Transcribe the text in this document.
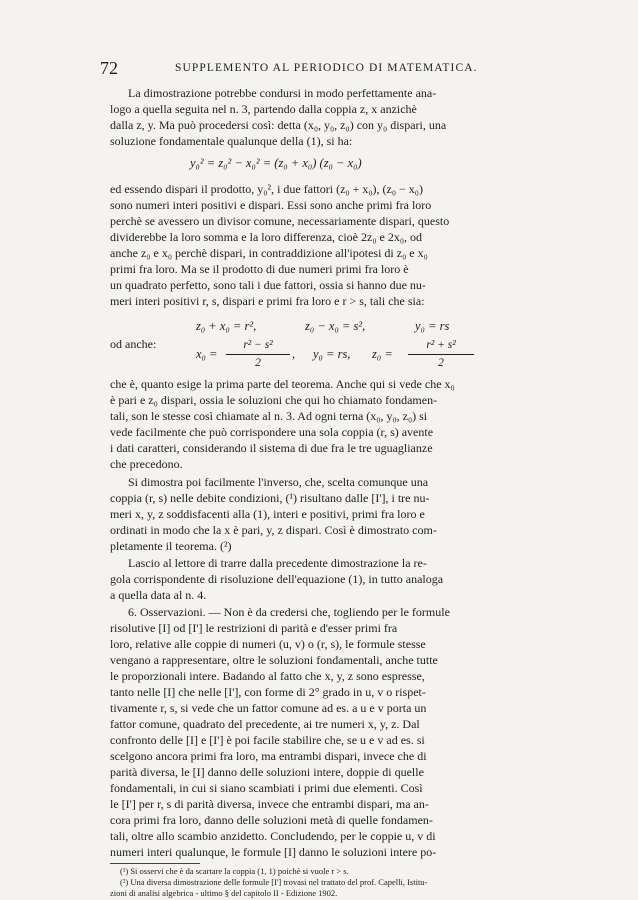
72	SUPPLEMENTO AL PERIODICO DI MATEMATICA.
La dimostrazione potrebbe condursi in modo perfettamente ana-
logo a quella seguita nel n. 3, partendo dalla coppia z, x anzichè
dalla z, y. Ma può procedersi così: detta (x₀, y₀, z₀) con y₀ dispari, una
soluzione fondamentale qualunque della (1), si ha:
y₀² = z₀² − x₀² = (z₀ + x₀) (z₀ − x₀)
ed essendo dispari il prodotto, y₀², i due fattori (z₀ + x₀), (z₀ − x₀)
sono numeri interi positivi e dispari. Essi sono anche primi fra loro
perchè se avessero un divisor comune, necessariamente dispari, questo
dividerebbe la loro somma e la loro differenza, cioè 2z₀ e 2x₀, od
anche z₀ e x₀ perchè dispari, in contraddizione all'ipotesi di z₀ e x₀
primi fra loro. Ma se il prodotto di due numeri primi fra loro è
un quadrato perfetto, sono tali i due fattori, ossia si hanno due nu-
meri interi positivi r, s, dispari e primi fra loro e r > s, tali che sia:
z₀ + x₀ = r²,	z₀ − x₀ = s²,	y₀ = rs
od anche:
x₀ =
r² − s²
2
, y₀ = rs, z₀ =
r² + s²
2
che è, quanto esige la prima parte del teorema. Anche qui si vede che x₀
è pari e z₀ dispari, ossia le soluzioni che qui ho chiamato fondamen-
tali, son le stesse così chiamate al n. 3. Ad ogni terna (x₀, y₀, z₀) si
vede facilmente che può corrispondere una sola coppia (r, s) avente
i dati caratteri, considerando il sistema di due fra le tre uguaglianze
che precedono.
Si dimostra poi facilmente l'inverso, che, scelta comunque una
coppia (r, s) nelle debite condizioni, (¹) risultano dalle [I'], i tre nu-
meri x, y, z soddisfacenti alla (1), interi e positivi, primi fra loro e
ordinati in modo che la x è pari, y, z dispari. Così è dimostrato com-
pletamente il teorema. (²)
Lascio al lettore di trarre dalla precedente dimostrazione la re-
gola corrispondente di risoluzione dell'equazione (1), in tutto analoga
a quella data al n. 4.
6. Osservazioni. — Non è da credersi che, togliendo per le formule
risolutive [I] od [I'] le restrizioni di parità e d'esser primi fra
loro, relative alle coppie di numeri (u, v) o (r, s), le formule stesse
vengano a rappresentare, oltre le soluzioni fondamentali, anche tutte
le proporzionali intere. Badando al fatto che x, y, z sono espresse,
tanto nelle [I] che nelle [I'], con forme di 2° grado in u, v o rispet-
tivamente r, s, si vede che un fattor comune ad es. a u e v porta un
fattor comune, quadrato del precedente, ai tre numeri x, y, z. Dal
confronto delle [I] e [I'] è poi facile stabilire che, se u e v ad es. si
scelgono ancora primi fra loro, ma entrambi dispari, invece che di
parità diversa, le [I] danno delle soluzioni intere, doppie di quelle
fondamentali, in cui si siano scambiati i primi due elementi. Così
le [I'] per r, s di parità diversa, invece che entrambi dispari, ma an-
cora primi fra loro, danno delle soluzioni metà di quelle fondamen-
tali, oltre allo scambio anzidetto. Concludendo, per le coppie u, v di
numeri interi qualunque, le formule [I] danno le soluzioni intere po-
(¹) Si osservi che è da scartare la coppia (1, 1) poichè si vuole r > s.
(²) Una diversa dimostrazione delle formule [I'] trovasi nel trattato del prof. Capelli, Istitu-
zioni di analisi algebrica - ultimo § del capitolo II - Edizione 1902.
